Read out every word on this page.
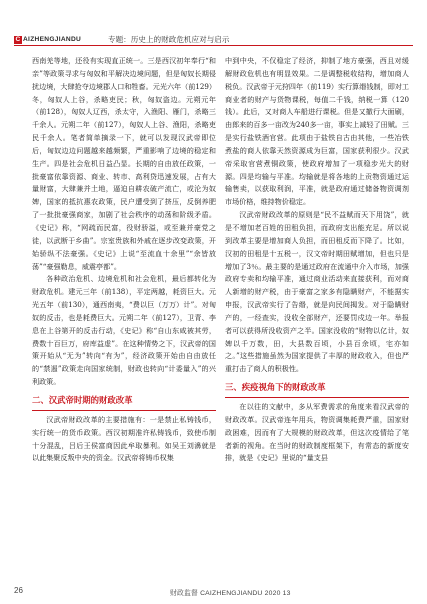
C AIZHENGJIANDU	专题：历史上的财政危机应对与启示

西南羌等地，还役有实现直正统一。三是西汉初年奉行“和亲”等政策寻求与匈奴和平解决边境问题，但是匈奴长期侵扰边境，大肆抢夺边境郡人口和牲畜。元光六年（前129）冬，匈奴人上谷，杀略吏民；秋，匈奴盗边。元朔元年（前128），匈奴人辽西，杀太守，入渔阳、雁门，杀略三千余人。元朔二年（前127），匈奴人上谷、渔阳，杀略吏民千余人。笔者简单摘录一下，就可以发现汉武帝即位后，匈奴边边问题越来越频繁，严重影响了边境的稳定和生产。四是社会危机日益凸显。长期的自由放任政策，一批豪富依靠资源、商业、转市、高利贷迅速发展，占有大量财富，大肆兼并土地，逼迫自耕农破产流亡，或沦为奴婢，国家的抵抗惠农政策，民户遭受到了挤压，反倒养肥了一批批豪强商家，加剧了社会秩序的动荡和阶级矛盾。《史记》称，“网疏而民富，役财骄溢，或至兼并豪党之徒，以武断于乡曲”。宗室贵族和外戚在逐步改变政策，开始骄纵不法豪强。《史记》上说“至流血十余里”“余皆放荡”“豪强勒息，威震亭都”。

各种政治危机、边境危机和社会危机，最后都转化为财政危机。建元三年（前138），平定两越，耗资巨大。元光五年（前130），通西南夷，“费以巨（万万）计”。对匈奴的反击，也是耗费巨大。元朔二年（前127），卫青、李息在上谷第开的反击行动，《史记》称“自山东咸被其劳，费数十百巨万，府库益虚”。在这种情势之下，汉武帝的国策开始从“无为”转向“有为”，经济政策开始由自由放任的“禁遏”政策走向国家统制，财政也转向“计委量入”的兴利政策。

二、汉武帝时期的财政改革

汉武帝财政改革的主要措施有：一是禁止私铸钱币，实行统一的货币政策。西汉初期准许私铸钱币，致使币制十分混乱，吕后王侯富商因此牟取暴利。如吴王刘濞就是以此集聚反叛中央的资金。汉武帝将铸币权集

中到中央，不仅稳定了经济，抑制了地方豪强，西且对缓解财政危机也有明显效果。二是调整税收结构，增加商人税负。汉武帝于元狩四年（前119）实行算缗钱制，即对工商业者的财产与货物课税，每值二千钱，纳税一算（120钱）。此后，又对商人车船进行课税。但是又撤行大面刷，由郎来的百多一亩改为240多一亩，事实上减轻了田赋。三是实行盐铁酒官营。此项由于盐铁自古由其他，一些冶铁煮盐的商人依靠天然资源成为巨富，国家获利很少。汉武帝采取官营煮铜政策，使政府增加了一项稳步光大的财源。四是均输与平准。均输就是将各地的上贡物资通过运输售卖，以获取利润，平准，就是政府通过储备物资调剂市场价格，维持物价稳定。

汉武帝财政改革的原则是“民不益赋而天下用饶”，就是不增加老百姓的田租负担，而政府支出能充足。所以说到改革主要是增加商人负担，而田租反而下降了。比如，汉初的田租是十五税一，汉文帝时期田赋增加，但也只是增加了3％。最主要的是通过政府在流通中介入市场，加强政府专卖和均输平准，通过商业活动来直接获利，而对商人新增的财产税，由于豪富之家多有隐瞒财产，不能据实申报，汉武帝实行了告缗，就是向民间揭发。对于隐瞒财产的，一经查实，没收全部财产，还要罚戍边一年。举报者可以获得所没收资产之半。国家没收的“财物以亿计，奴婢以千万数，田，大县数百顷，小县百余顷，宅亦如之。”这些措施虽然为国家提供了丰厚的财政收入，但也严重打击了商人的积极性。

三、疾疫视角下的财政改革

在以往的文献中，多从军费需求的角度来看汉武帝的财政改革。汉武帝连年用兵，物资调集耗费严重，国家财政困难，因而有了大规模的财政改革，但这次疫情给了笔者新的视角。在当时的财政制度框架下，有常态的新度安排，就是《史记》里说的“量支县

26	财政监督 CAIZHENGJIANDU 2020 13
